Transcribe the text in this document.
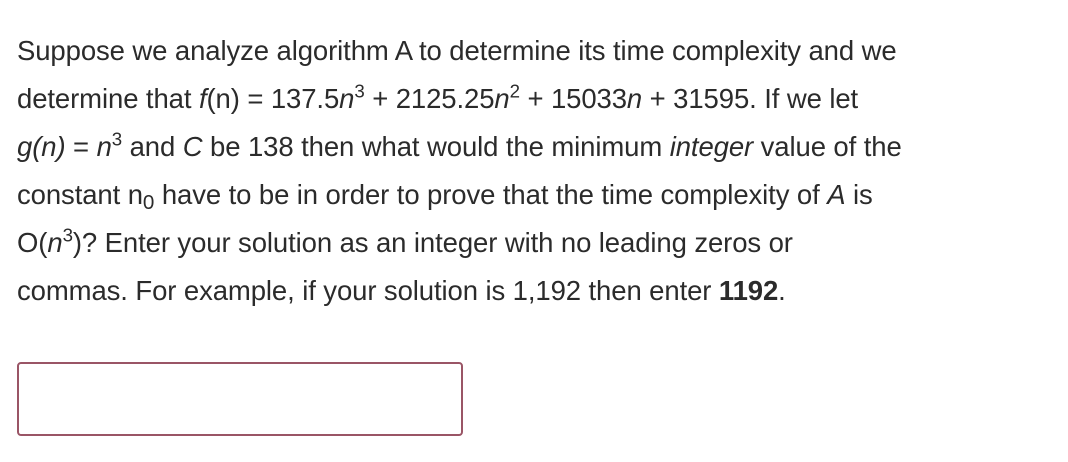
Suppose we analyze algorithm A to determine its time complexity and we
determine that $f(n) = 137.5n^3 + 2125.25n^2 + 15033n + 31595$. If we let
$g(n) = n^3$ and C be 138 then what would the minimum integer value of the
constant $n_0$ have to be in order to prove that the time complexity of A is
$O(n^3)$? Enter your solution as an integer with no leading zeros or
commas. For example, if your solution is 1,192 then enter 1192.
